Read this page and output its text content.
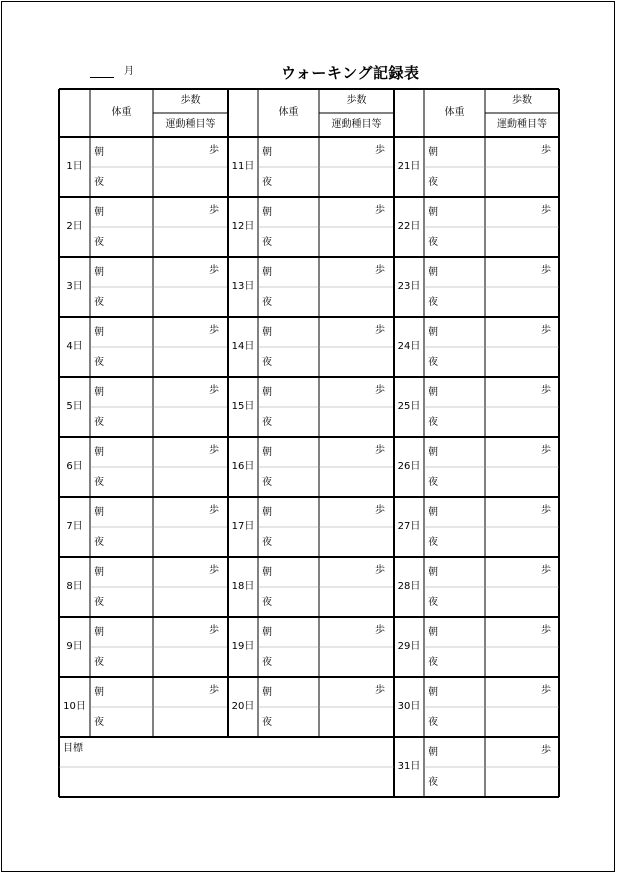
月	ウォーキング記録表
体重
歩数
運動種目等
体重
歩数
運動種目等
体重
歩数
運動種目等
1日
朝
夜
歩
2日
朝
夜
歩
3日
朝
夜
歩
4日
朝
夜
歩
5日
朝
夜
歩
6日
朝
夜
歩
7日
朝
夜
歩
8日
朝
夜
歩
9日
朝
夜
歩
10日
朝
夜
歩
11日
朝
夜
歩
12日
朝
夜
歩
13日
朝
夜
歩
14日
朝
夜
歩
15日
朝
夜
歩
16日
朝
夜
歩
17日
朝
夜
歩
18日
朝
夜
歩
19日
朝
夜
歩
20日
朝
夜
歩
21日
朝
夜
歩
22日
朝
夜
歩
23日
朝
夜
歩
24日
朝
夜
歩
25日
朝
夜
歩
26日
朝
夜
歩
27日
朝
夜
歩
28日
朝
夜
歩
29日
朝
夜
歩
30日
朝
夜
歩
31日
朝
夜
歩
目標
